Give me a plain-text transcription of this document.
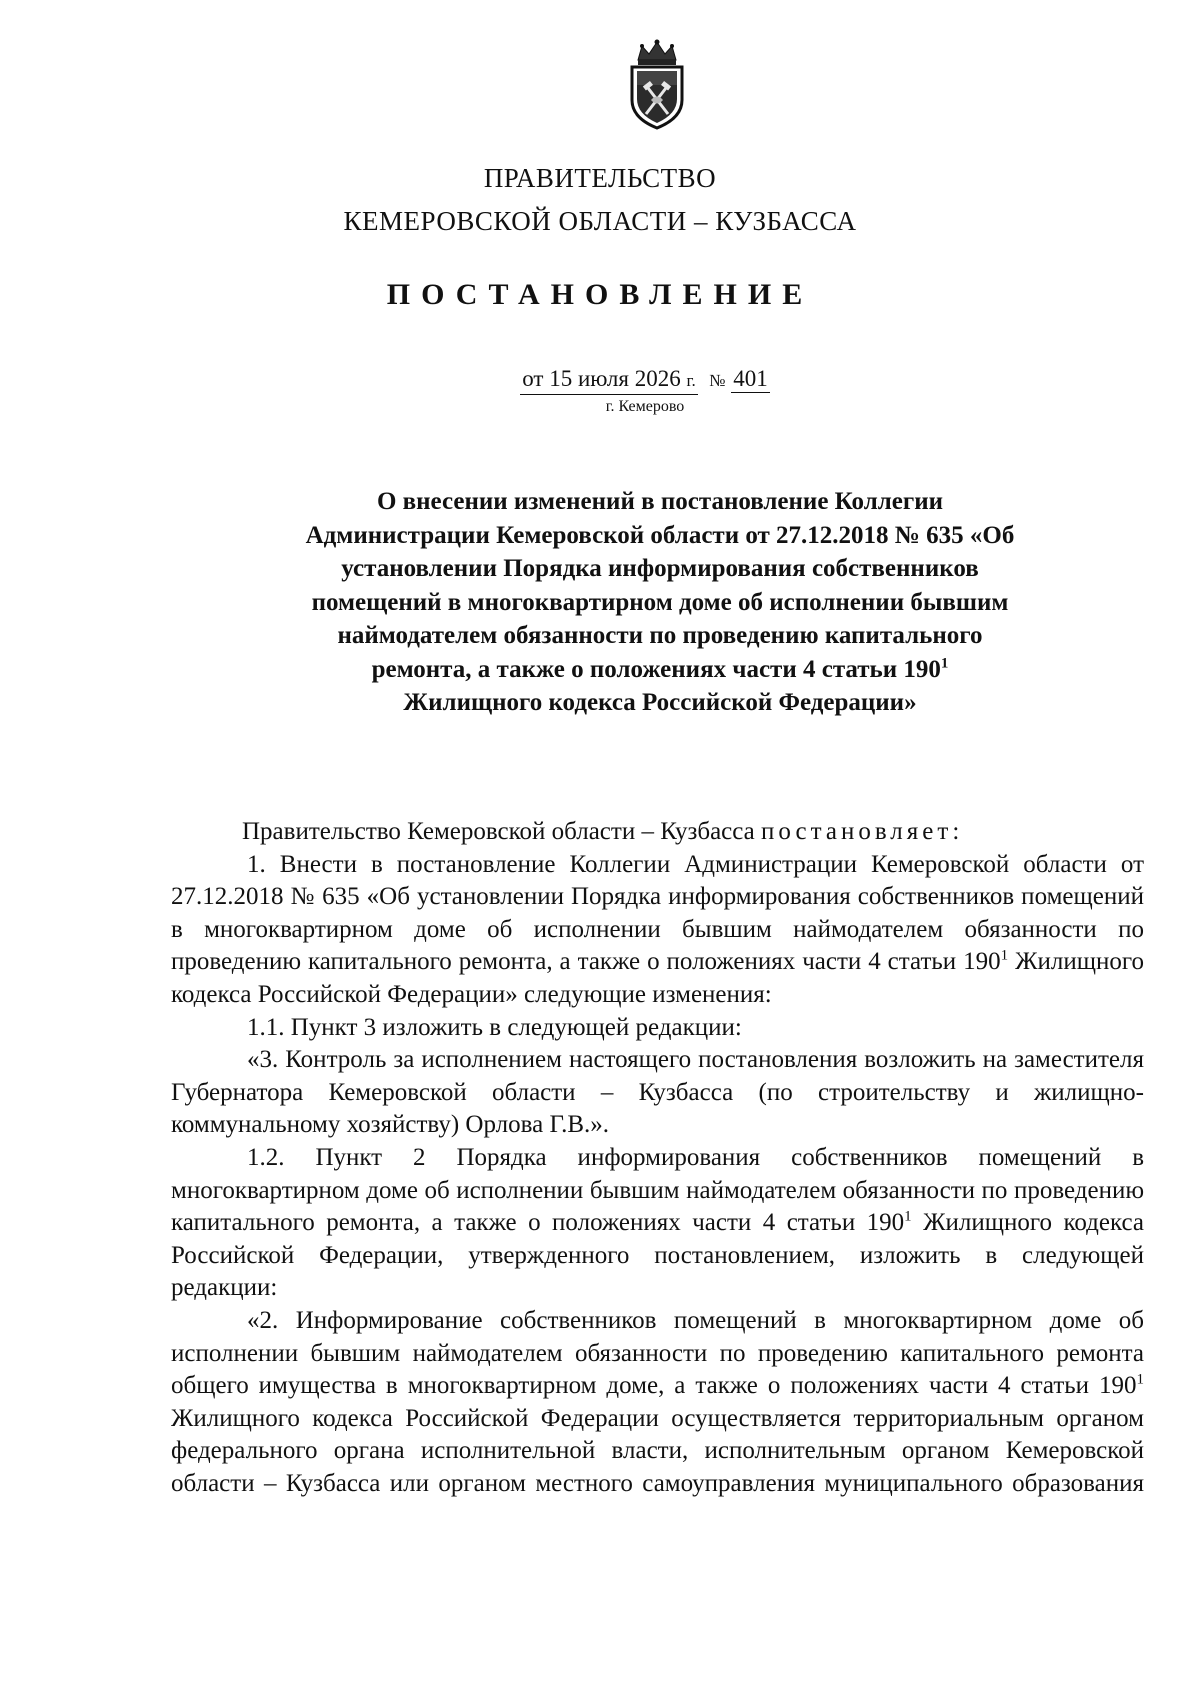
ПРАВИТЕЛЬСТВО
КЕМЕРОВСКОЙ ОБЛАСТИ – КУЗБАССА
ПОСТАНОВЛЕНИЕ
от 15 июля 2026 г. № 401
г. Кемерово
О внесении изменений в постановление Коллегии Администрации Кемеровской области от 27.12.2018 № 635 «Об установлении Порядка информирования собственников помещений в многоквартирном доме об исполнении бывшим наймодателем обязанности по проведению капитального ремонта, а также о положениях части 4 статьи $190^1$ Жилищного кодекса Российской Федерации»

Правительство Кемеровской области – Кузбасса постановляет:

1. Внести в постановление Коллегии Администрации Кемеровской области от 27.12.2018 № 635 «Об установлении Порядка информирования собственников помещений в многоквартирном доме об исполнении бывшим наймодателем обязанности по проведению капитального ремонта, а также о положениях части 4 статьи $190^1$ Жилищного кодекса Российской Федерации» следующие изменения:

1.1. Пункт 3 изложить в следующей редакции:

«3. Контроль за исполнением настоящего постановления возложить на заместителя Губернатора Кемеровской области – Кузбасса (по строительству и жилищно-коммунальному хозяйству) Орлова Г.В.».

1.2. Пункт 2 Порядка информирования собственников помещений в многоквартирном доме об исполнении бывшим наймодателем обязанности по проведению капитального ремонта, а также о положениях части 4 статьи $190^1$ Жилищного кодекса Российской Федерации, утвержденного постановлением, изложить в следующей редакции:

«2. Информирование собственников помещений в многоквартирном доме об исполнении бывшим наймодателем обязанности по проведению капитального ремонта общего имущества в многоквартирном доме, а также о положениях части 4 статьи $190^1$ Жилищного кодекса Российской Федерации осуществляется территориальным органом федерального органа исполнительной власти, исполнительным органом Кемеровской области – Кузбасса или органом местного самоуправления муниципального образования
